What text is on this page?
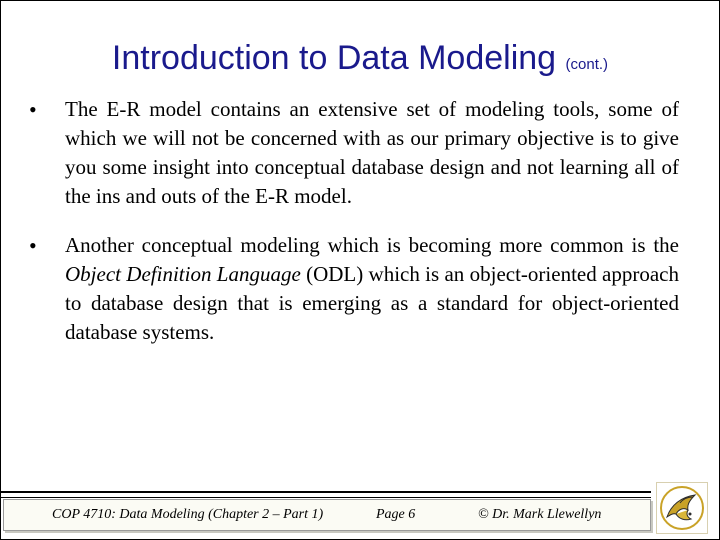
Introduction to Data Modeling (cont.)
• The E-R model contains an extensive set of modeling tools, some of which we will not be concerned with as our primary objective is to give you some insight into conceptual database design and not learning all of the ins and outs of the E-R model.
• Another conceptual modeling which is becoming more common is the Object Definition Language (ODL) which is an object-oriented approach to database design that is emerging as a standard for object-oriented database systems.
COP 4710: Data Modeling (Chapter 2 – Part 1)	Page 6	© Dr. Mark Llewellyn
